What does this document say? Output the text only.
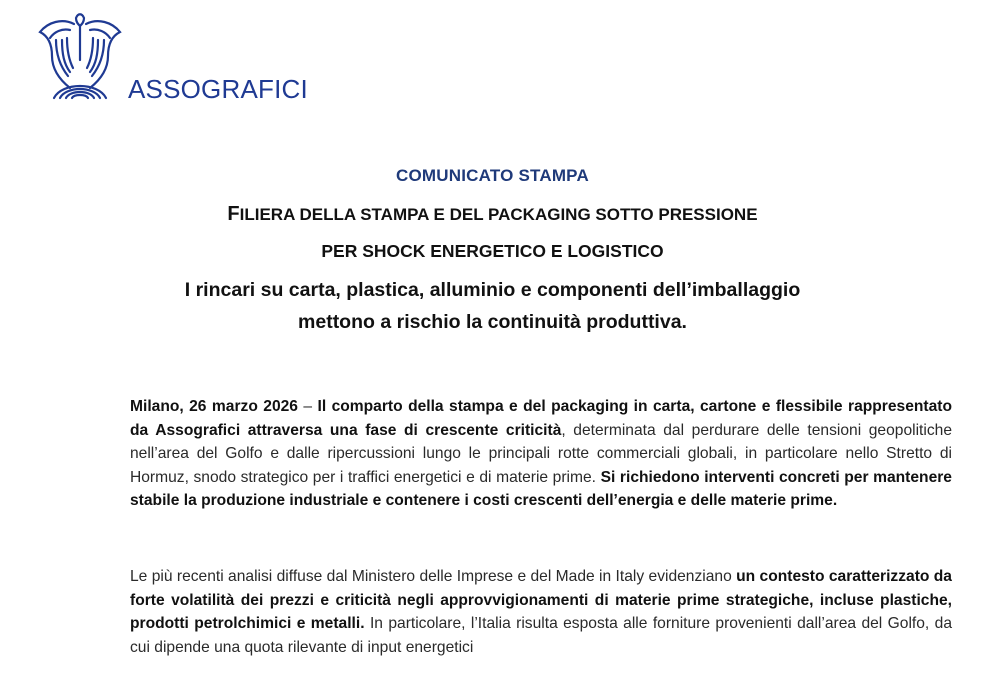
ASSOGRAFICI
COMUNICATO STAMPA
FILIERA DELLA STAMPA E DEL PACKAGING SOTTO PRESSIONE
PER SHOCK ENERGETICO E LOGISTICO
I rincari su carta, plastica, alluminio e componenti dell’imballaggio
mettono a rischio la continuità produttiva.
Milano, 26 marzo 2026 – Il comparto della stampa e del packaging in carta, cartone e flessibile rappresentato da Assografici attraversa una fase di crescente criticità, determinata dal perdurare delle tensioni geopolitiche nell’area del Golfo e dalle ripercussioni lungo le principali rotte commerciali globali, in particolare nello Stretto di Hormuz, snodo strategico per i traffici energetici e di materie prime. Si richiedono interventi concreti per mantenere stabile la produzione industriale e contenere i costi crescenti dell’energia e delle materie prime.
Le più recenti analisi diffuse dal Ministero delle Imprese e del Made in Italy evidenziano un contesto caratterizzato da forte volatilità dei prezzi e criticità negli approvvigionamenti di materie prime strategiche, incluse plastiche, prodotti petrolchimici e metalli. In particolare, l’Italia risulta esposta alle forniture provenienti dall’area del Golfo, da cui dipende una quota rilevante di input energetici
